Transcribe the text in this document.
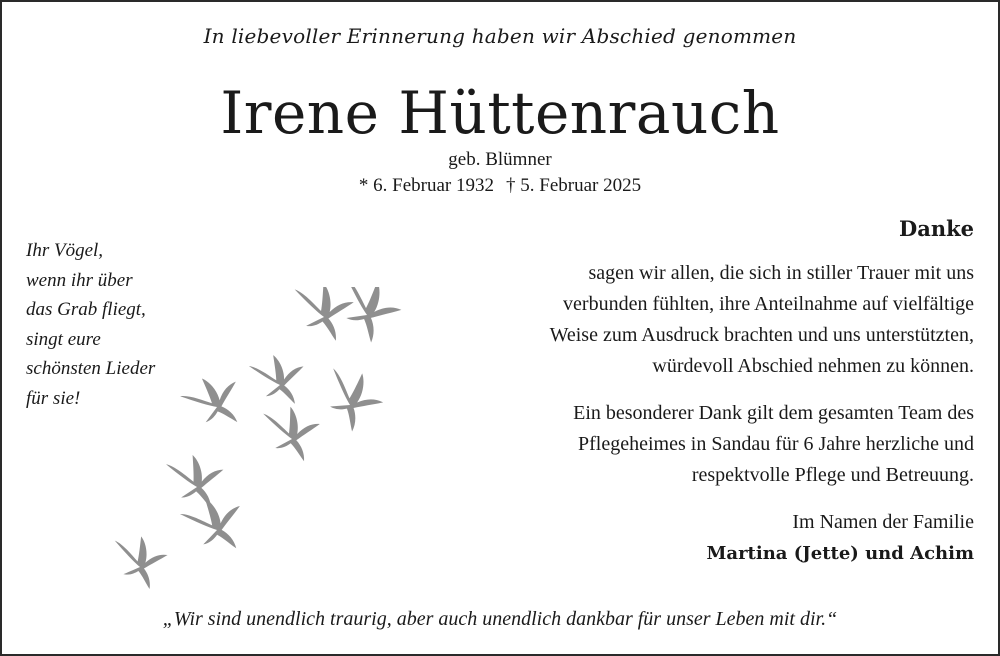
In liebevoller Erinnerung haben wir Abschied genommen
Irene Hüttenrauch
geb. Blümner
* 6. Februar 1932 † 5. Februar 2025
Ihr Vögel,
wenn ihr über
das Grab fliegt,
singt eure
schönsten Lieder
für sie!
Danke
sagen wir allen, die sich in stiller Trauer mit uns
verbunden fühlten, ihre Anteilnahme auf vielfältige
Weise zum Ausdruck brachten und uns unterstützten,
würdevoll Abschied nehmen zu können.
Ein besonderer Dank gilt dem gesamten Team des
Pflegeheimes in Sandau für 6 Jahre herzliche und
respektvolle Pflege und Betreuung.
Im Namen der Familie
Martina (Jette) und Achim
„Wir sind unendlich traurig, aber auch unendlich dankbar für unser Leben mit dir.“
